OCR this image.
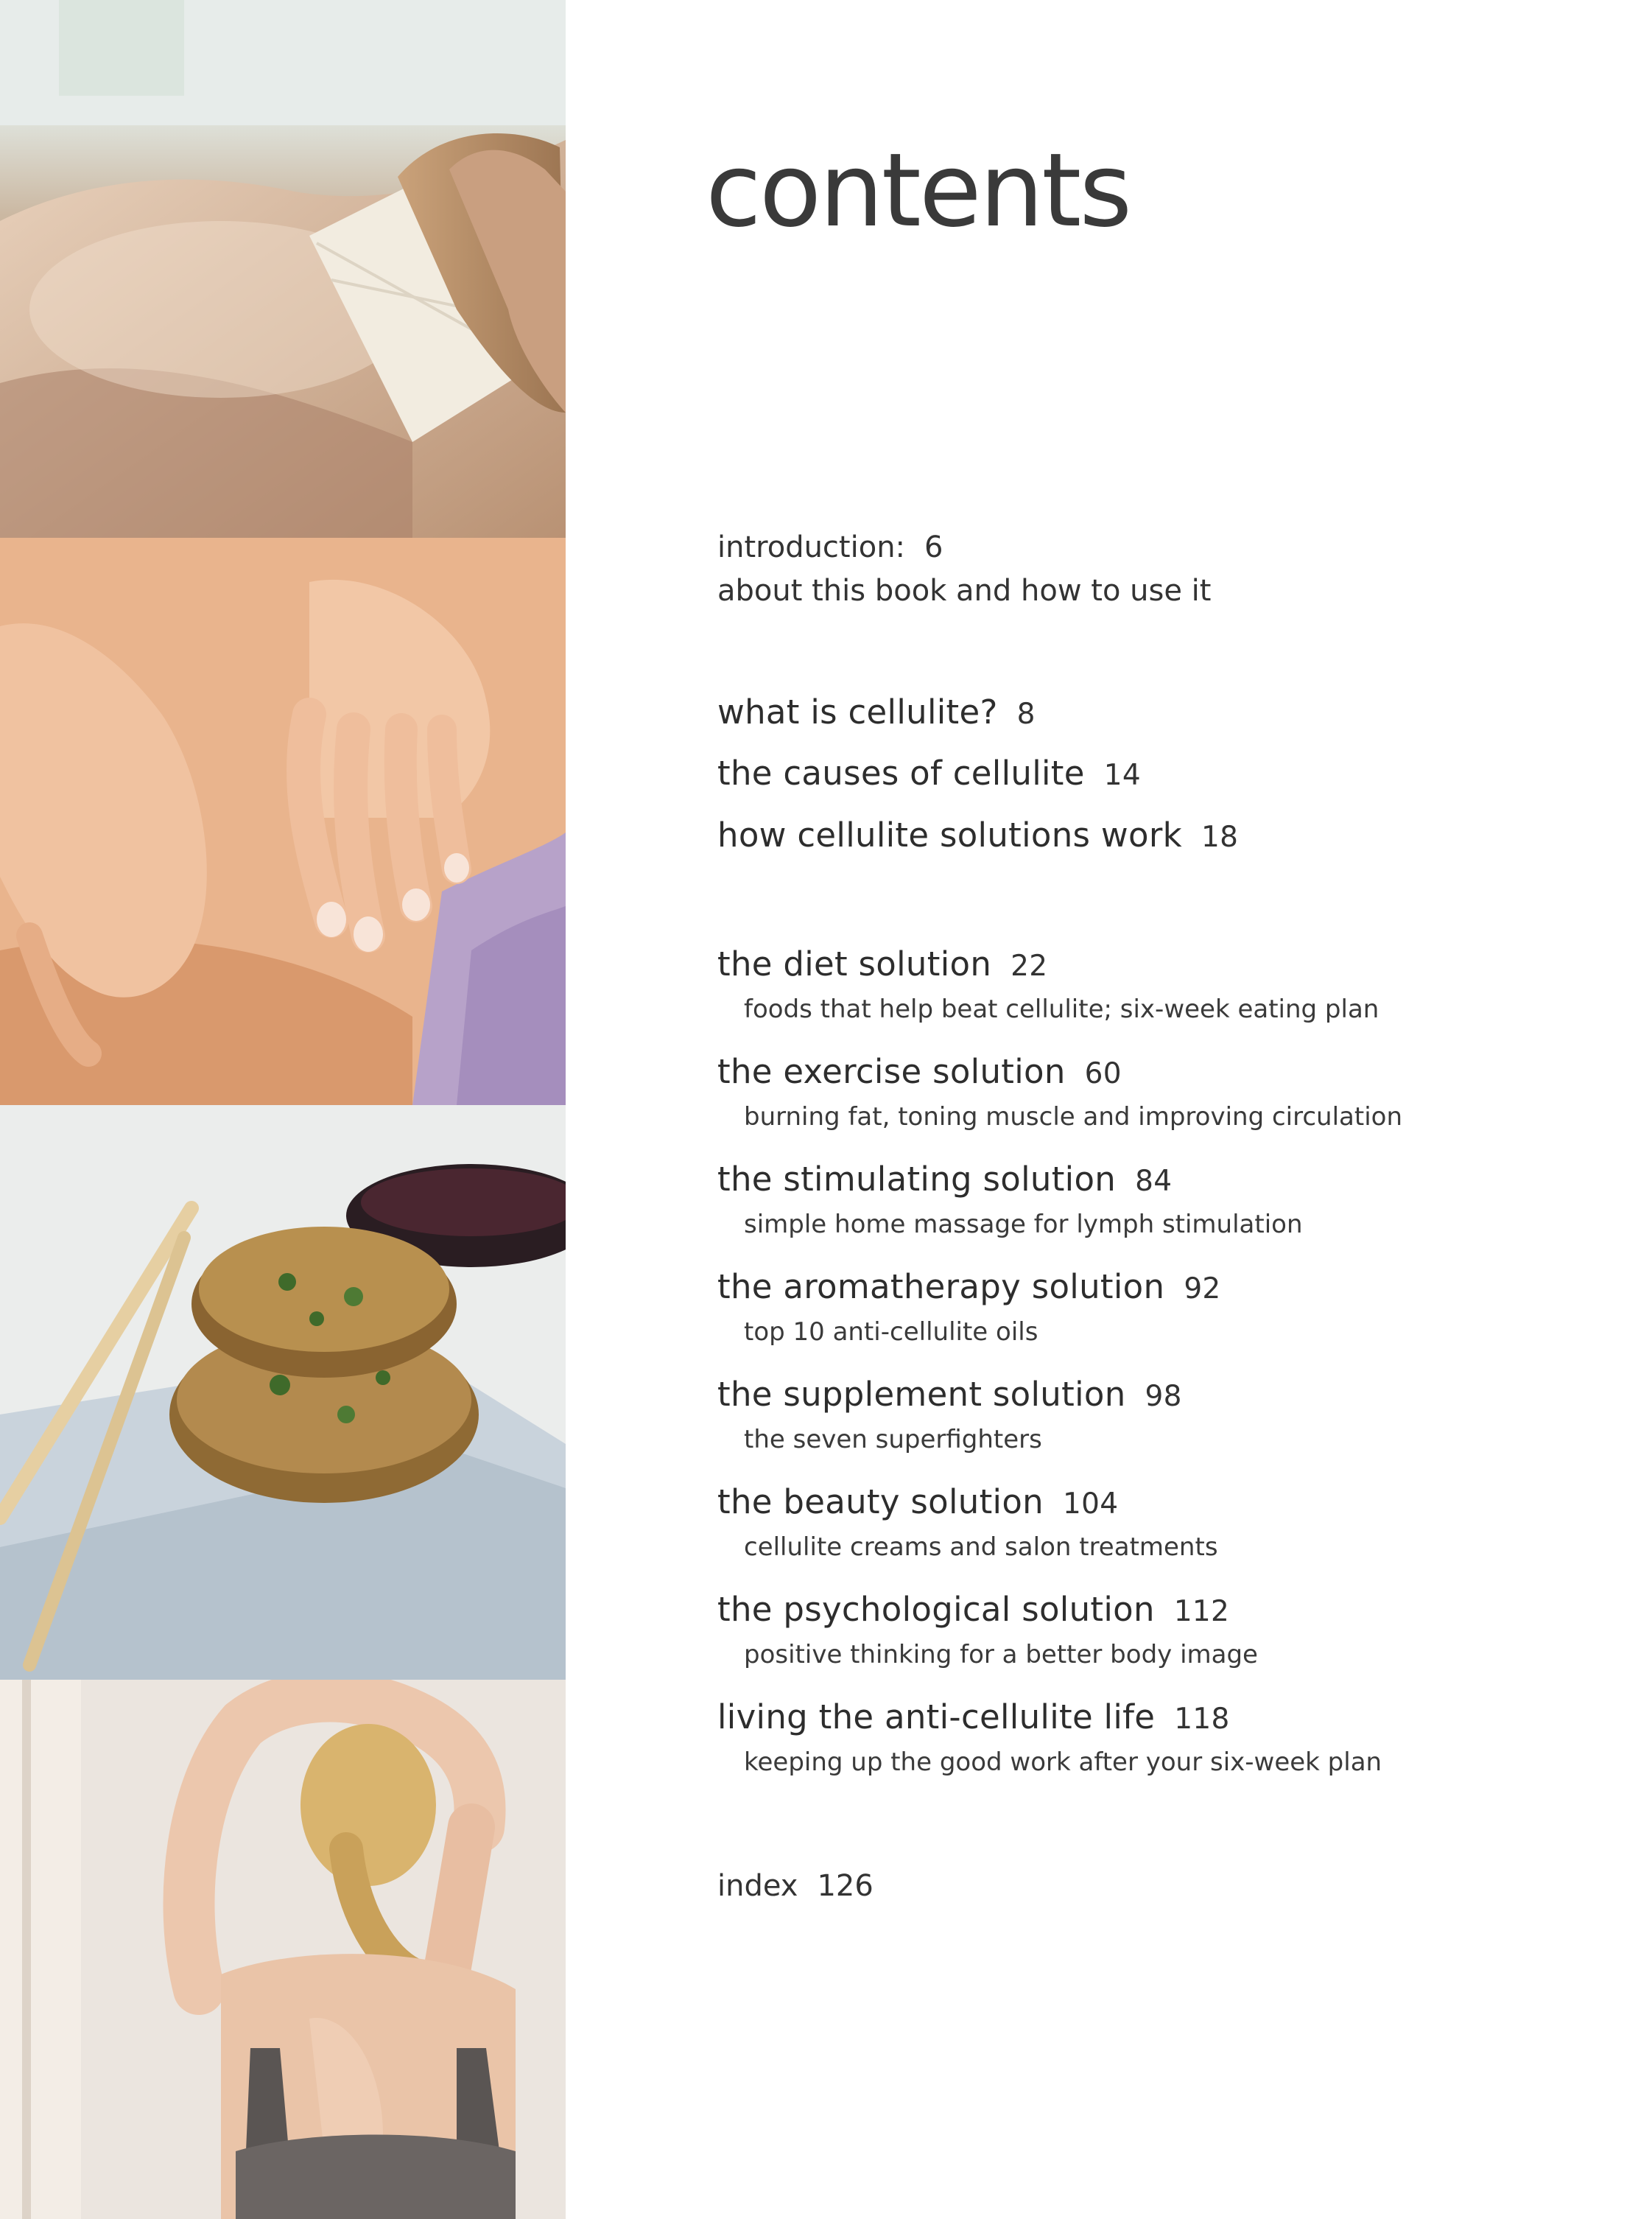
contents
introduction: 6
about this book and how to use it
what is cellulite? 8
the causes of cellulite 14
how cellulite solutions work 18
the diet solution 22
foods that help beat cellulite; six-week eating plan
the exercise solution 60
burning fat, toning muscle and improving circulation
the stimulating solution 84
simple home massage for lymph stimulation
the aromatherapy solution 92
top 10 anti-cellulite oils
the supplement solution 98
the seven superfighters
the beauty solution 104
cellulite creams and salon treatments
the psychological solution 112
positive thinking for a better body image
living the anti-cellulite life 118
keeping up the good work after your six-week plan
index 126
